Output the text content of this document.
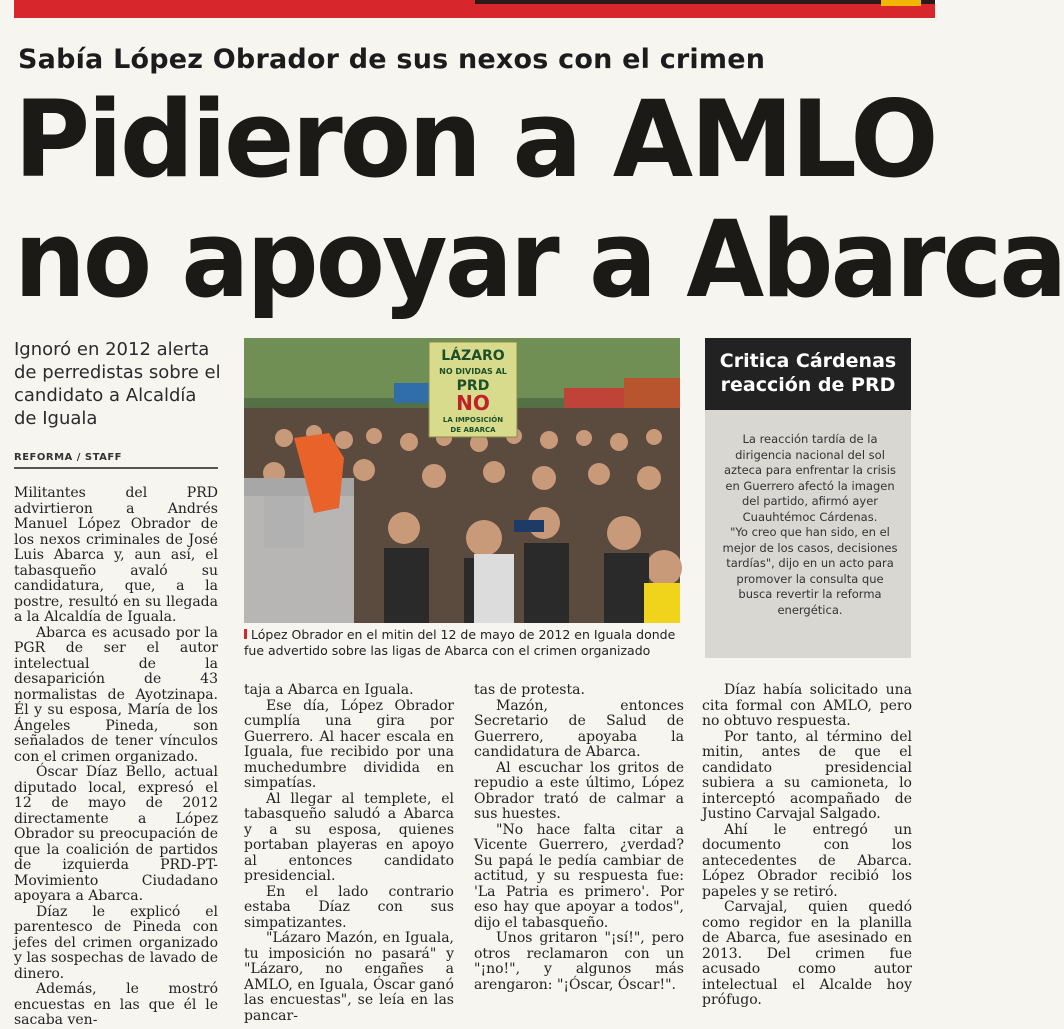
Sabía López Obrador de sus nexos con el crimen
Pidieron a AMLO
no apoyar a Abarca
Ignoró en 2012 alerta de perredistas sobre el candidato a Alcaldía de Iguala
REFORMA / STAFF

Militantes del PRD advirtieron a Andrés Manuel López Obrador de los nexos criminales de José Luis Abarca y, aun así, el tabasqueño avaló su candidatura, que, a la postre, resultó en su llegada a la Alcaldía de Iguala.

Abarca es acusado por la PGR de ser el autor intelectual de la desaparición de 43 normalistas de Ayotzinapa. Él y su esposa, María de los Ángeles Pineda, son señalados de tener vínculos con el crimen organizado.

Óscar Díaz Bello, actual diputado local, expresó el 12 de mayo de 2012 directamente a López Obrador su preocupación de que la coalición de partidos de izquierda PRD-PT-Movimiento Ciudadano apoyara a Abarca.

Díaz le explicó el parentesco de Pineda con jefes del crimen organizado y las sospechas de lavado de dinero.

Además, le mostró encuestas en las que él le sacaba ven-

LÁZARO
NO DIVIDAS AL
PRD
NO
LA IMPOSICIÓN
DE ABARCA
López Obrador en el mitin del 12 de mayo de 2012 en Iguala donde fue advertido sobre las ligas de Abarca con el crimen organizado
Critica Cárdenas reacción de PRD

La reacción tardía de la dirigencia nacional del sol azteca para enfrentar la crisis en Guerrero afectó la imagen del partido, afirmó ayer Cuauhtémoc Cárdenas.

"Yo creo que han sido, en el mejor de los casos, decisiones tardías", dijo en un acto para promover la consulta que busca revertir la reforma energética.

taja a Abarca en Iguala.

Ese día, López Obrador cumplía una gira por Guerrero. Al hacer escala en Iguala, fue recibido por una muchedumbre dividida en simpatías.

Al llegar al templete, el tabasqueño saludó a Abarca y a su esposa, quienes portaban playeras en apoyo al entonces candidato presidencial.

En el lado contrario estaba Díaz con sus simpatizantes.

"Lázaro Mazón, en Iguala, tu imposición no pasará" y "Lázaro, no engañes a AMLO, en Iguala, Óscar ganó las encuestas", se leía en las pancar-

tas de protesta.

Mazón, entonces Secretario de Salud de Guerrero, apoyaba la candidatura de Abarca.

Al escuchar los gritos de repudio a este último, López Obrador trató de calmar a sus huestes.

"No hace falta citar a Vicente Guerrero, ¿verdad? Su papá le pedía cambiar de actitud, y su respuesta fue: 'La Patria es primero'. Por eso hay que apoyar a todos", dijo el tabasqueño.

Unos gritaron "¡sí!", pero otros reclamaron con un "¡no!", y algunos más arengaron: "¡Óscar, Óscar!".

Díaz había solicitado una cita formal con AMLO, pero no obtuvo respuesta.

Por tanto, al término del mitin, antes de que el candidato presidencial subiera a su camioneta, lo interceptó acompañado de Justino Carvajal Salgado.

Ahí le entregó un documento con los antecedentes de Abarca. López Obrador recibió los papeles y se retiró.

Carvajal, quien quedó como regidor en la planilla de Abarca, fue asesinado en 2013. Del crimen fue acusado como autor intelectual el Alcalde hoy prófugo.
